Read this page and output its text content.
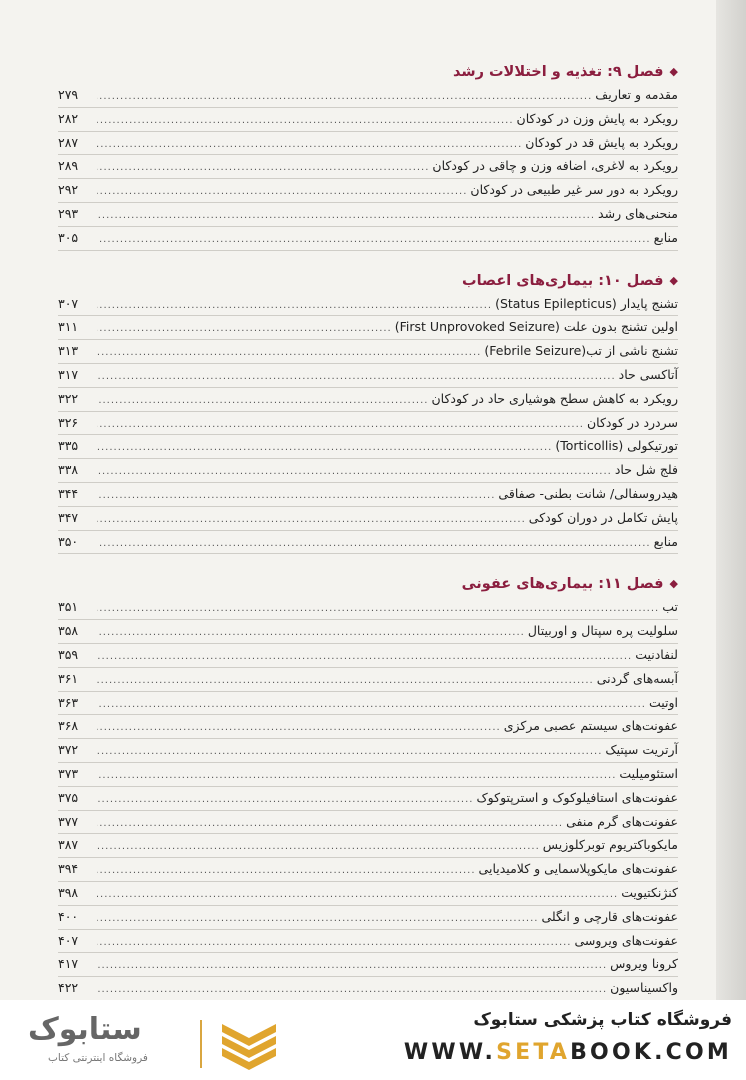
◆
فصل ۹: تغذیه و اختلالات رشد
مقدمه و تعاریف
.....
۲۷۹
رویکرد به پایش وزن در کودکان
.....
۲۸۲
رویکرد به پایش قد در کودکان
.....
۲۸۷
رویکرد به لاغری، اضافه وزن و چاقی در کودکان
.....
۲۸۹
رویکرد به دور سر غیر طبیعی در کودکان
.....
۲۹۲
منحنی‌های رشد
.....
۲۹۳
منابع
.....
۳۰۵
◆
فصل ۱۰: بیماری‌های اعصاب
تشنج پایدار (Status Epilepticus)
.....
۳۰۷
اولین تشنج بدون علت (First Unprovoked Seizure)
.....
۳۱۱
تشنج ناشی از تب(Febrile Seizure)
.....
۳۱۳
آتاکسی حاد
.....
۳۱۷
رویکرد به کاهش سطح هوشیاری حاد در کودکان
.....
۳۲۲
سردرد در کودکان
.....
۳۲۶
تورتیکولی (Torticollis)
.....
۳۳۵
فلج شل حاد
.....
۳۳۸
هیدروسفالی/ شانت بطنی- صفاقی
.....
۳۴۴
پایش تکامل در دوران کودکی
.....
۳۴۷
منابع
.....
۳۵۰
◆
فصل ۱۱: بیماری‌های عفونی
تب
.....
۳۵۱
سلولیت پره سپتال و اوربیتال
.....
۳۵۸
لنفادنیت
.....
۳۵۹
آبسه‌های گردنی
.....
۳۶۱
اوتیت
.....
۳۶۳
عفونت‌های سیستم عصبی مرکزی
.....
۳۶۸
آرتریت سپتیک
.....
۳۷۲
استئومیلیت
.....
۳۷۳
عفونت‌های استافیلوکوک و استرپتوکوک
.....
۳۷۵
عفونت‌های گرم منفی
.....
۳۷۷
مایکوباکتریوم توبرکلوزیس
.....
۳۸۷
عفونت‌های مایکوپلاسمایی و کلامیدیایی
.....
۳۹۴
کنژنکتیویت
.....
۳۹۸
عفونت‌های قارچی و انگلی
.....
۴۰۰
عفونت‌های ویروسی
.....
۴۰۷
کرونا ویروس
.....
۴۱۷
واکسیناسیون
.....
۴۲۲
ستابوک
فروشگاه اینترنتی کتاب
فروشگاه کتاب پزشکی ستابوک
WWW.SETABOOK.COM
